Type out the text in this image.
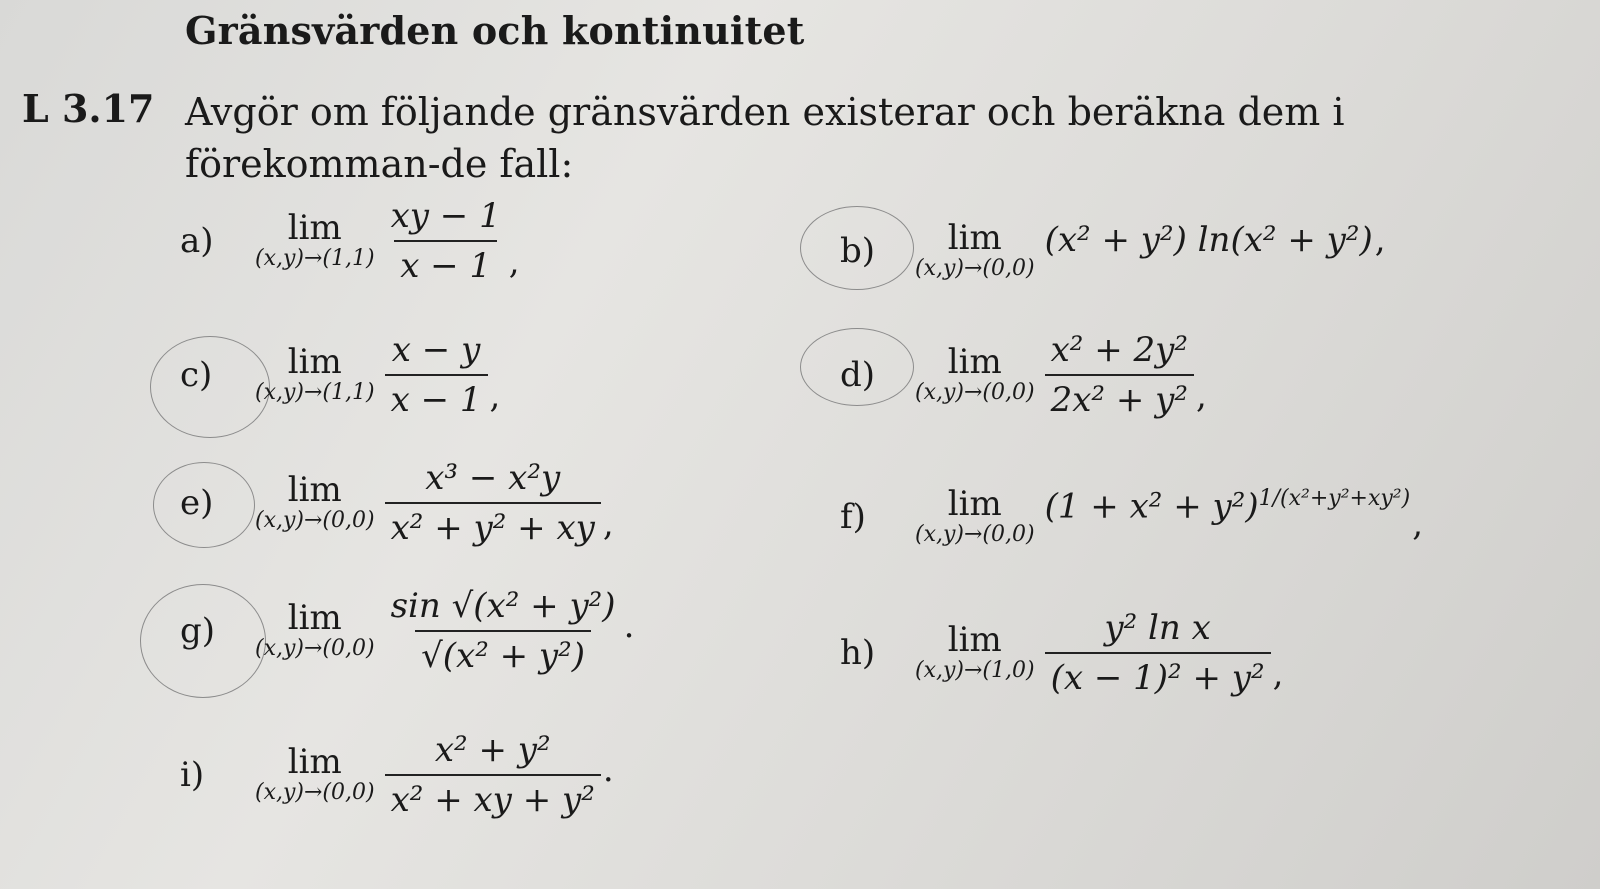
Gränsvärden och kontinuitet
L 3.17 Avgör om följande gränsvärden existerar och beräkna dem i förekomman-de fall:
a)	lim
$(x,y)\to(1,1) \frac{xy - 1}{x - 1}$ ,	b)	lim
(x,y)→(0,0)
(x² + y²) ln(x² + y²) ,
c)	lim
$(x,y)\to(1,1) \frac{x - y}{x - 1}$ ,
d)	lim
$(x,y)\to(0,0) \frac{\text{x² + 2y²}}{\text{2x² + y²}}$ ,
e)	lim
$(x,y)\to(0,0) \frac{\text{x³ − x²y}}{\text{x² + y² + xy}}$ ,	f)	lim
(x,y)→(0,0)
$(1 + x^2 + y^2)^{1/(x^2+y^2+xy^2)}$
,
g)	lim
$(x,y)\to(0,0) \frac{\text{sin √(x² + y²)}}{\text{√(x² + y²)}}$ .
h)	lim
$(x,y)\to(1,0) \frac{\text{y² ln x}}{\text{(x − 1)² + y²}}$ ,
i)	lim
$(x,y)\to(0,0) \frac{\text{x² + y²}}{\text{x² + xy + y²}}$ .
